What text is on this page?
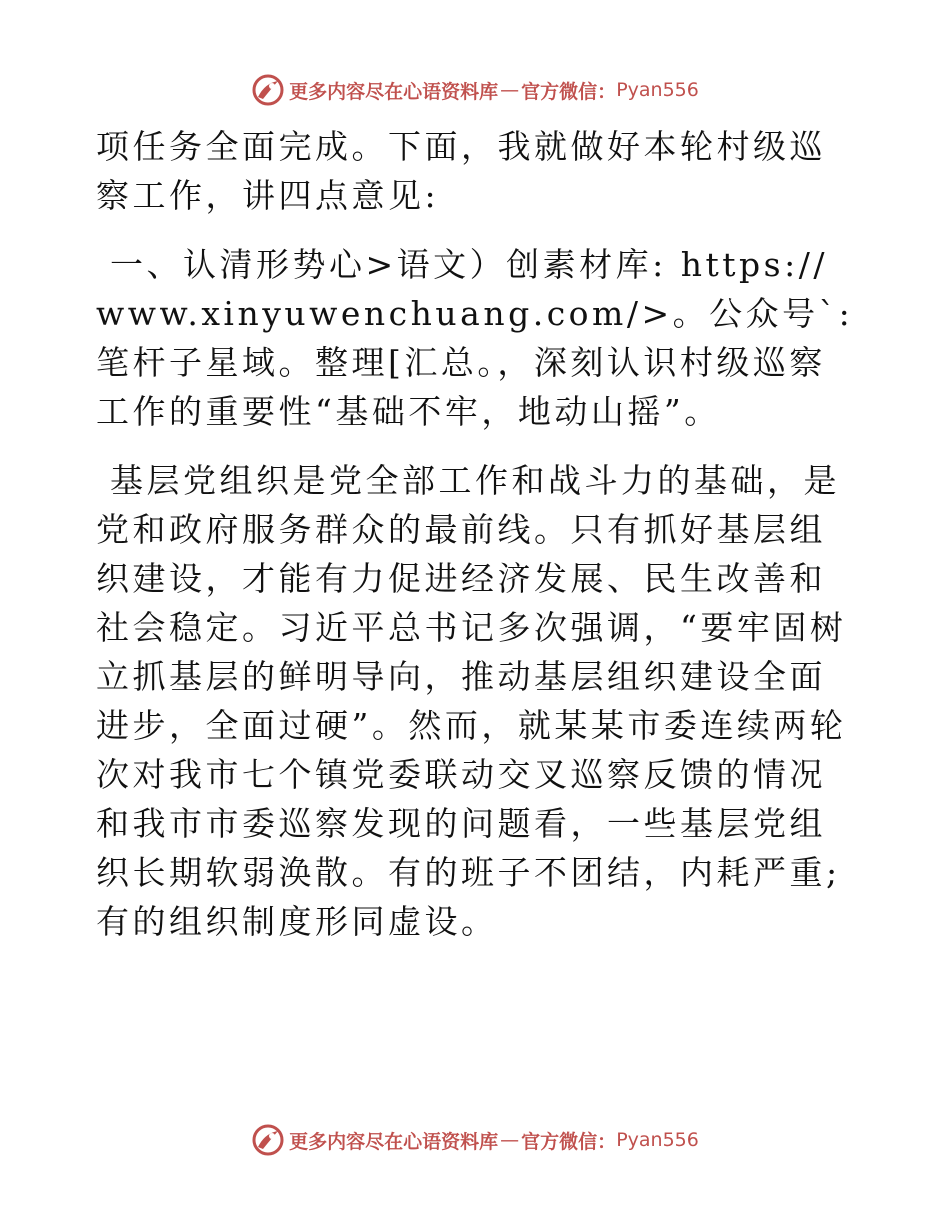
更多内容尽在心语资料库 — 官方微信： Pyan556

项任务全面完成。下面，我就做好本轮村级巡察工作，讲四点意见:

一、认清形势心>语文）创素材库: https://www.xinyuwenchuang.com/>。公众号`: 笔杆子星域。整理[汇总。，深刻认识村级巡察工作的重要性“基础不牢，地动山摇”。

基层党组织是党全部工作和战斗力的基础，是党和政府服务群众的最前线。只有抓好基层组织建设，才能有力促进经济发展、民生改善和社会稳定。习近平总书记多次强调，“要牢固树立抓基层的鲜明导向，推动基层组织建设全面进步，全面过硬”。然而，就某某市委连续两轮次对我市七个镇党委联动交叉巡察反馈的情况和我市市委巡察发现的问题看，一些基层党组织长期软弱涣散。有的班子不团结，内耗严重;有的组织制度形同虚设。

更多内容尽在心语资料库 — 官方微信： Pyan556
